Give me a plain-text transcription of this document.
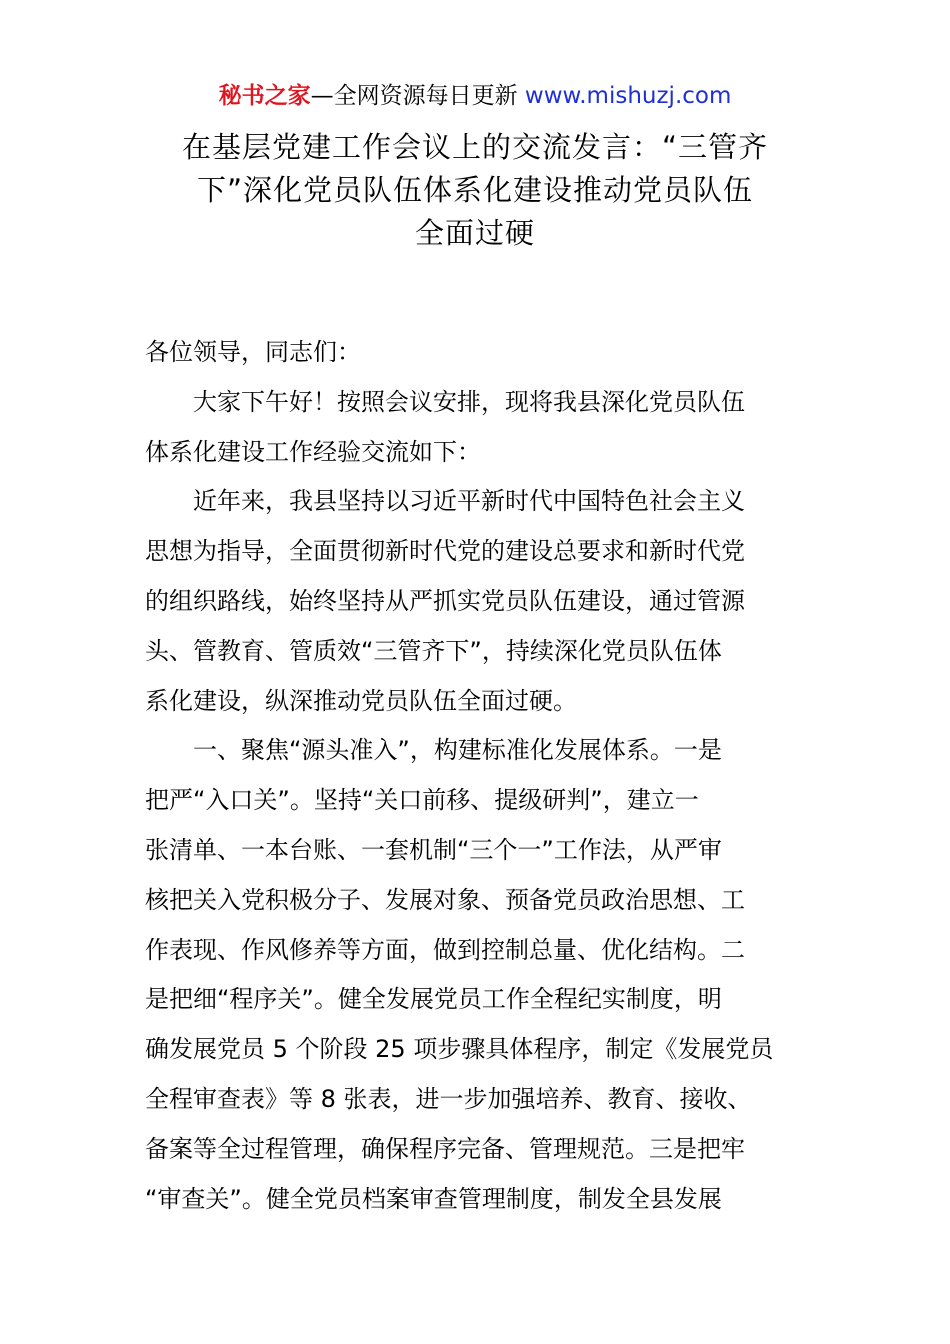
秘书之家—全网资源每日更新 www.mishuzj.com
在基层党建工作会议上的交流发言：“三管齐
下”深化党员队伍体系化建设推动党员队伍
全面过硬
各位领导，同志们：
大家下午好！按照会议安排，现将我县深化党员队伍
体系化建设工作经验交流如下：
近年来，我县坚持以习近平新时代中国特色社会主义
思想为指导，全面贯彻新时代党的建设总要求和新时代党
的组织路线，始终坚持从严抓实党员队伍建设，通过管源
头、管教育、管质效“三管齐下”，持续深化党员队伍体
系化建设，纵深推动党员队伍全面过硬。
一、聚焦“源头准入”，构建标准化发展体系。一是
把严“入口关”。坚持“关口前移、提级研判”，建立一
张清单、一本台账、一套机制“三个一”工作法，从严审
核把关入党积极分子、发展对象、预备党员政治思想、工
作表现、作风修养等方面，做到控制总量、优化结构。二
是把细“程序关”。健全发展党员工作全程纪实制度，明
确发展党员 5 个阶段 25 项步骤具体程序，制定《发展党员
全程审查表》等 8 张表，进一步加强培养、教育、接收、
备案等全过程管理，确保程序完备、管理规范。三是把牢
“审查关”。健全党员档案审查管理制度，制发全县发展
